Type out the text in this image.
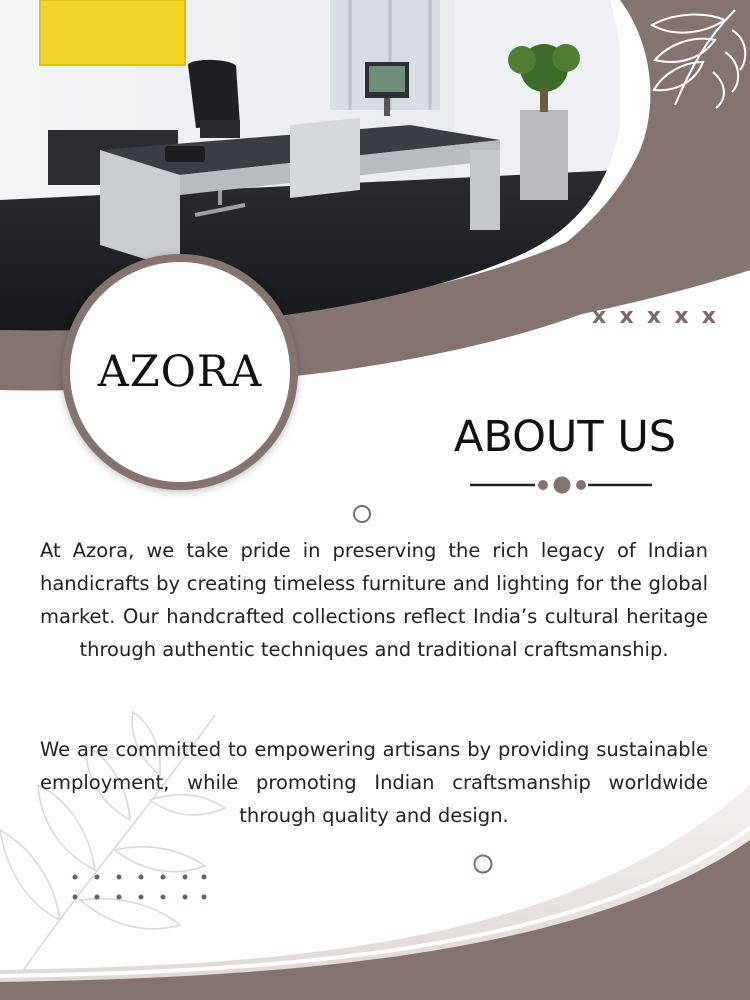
AZORA
x x x x x
ABOUT US

At Azora, we take pride in preserving the rich legacy of Indian handicrafts by creating timeless furniture and lighting for the global market. Our handcrafted collections reflect India’s cultural heritage through authentic techniques and traditional craftsmanship.

We are committed to empowering artisans by providing sustainable employment, while promoting Indian craftsmanship worldwide through quality and design.
